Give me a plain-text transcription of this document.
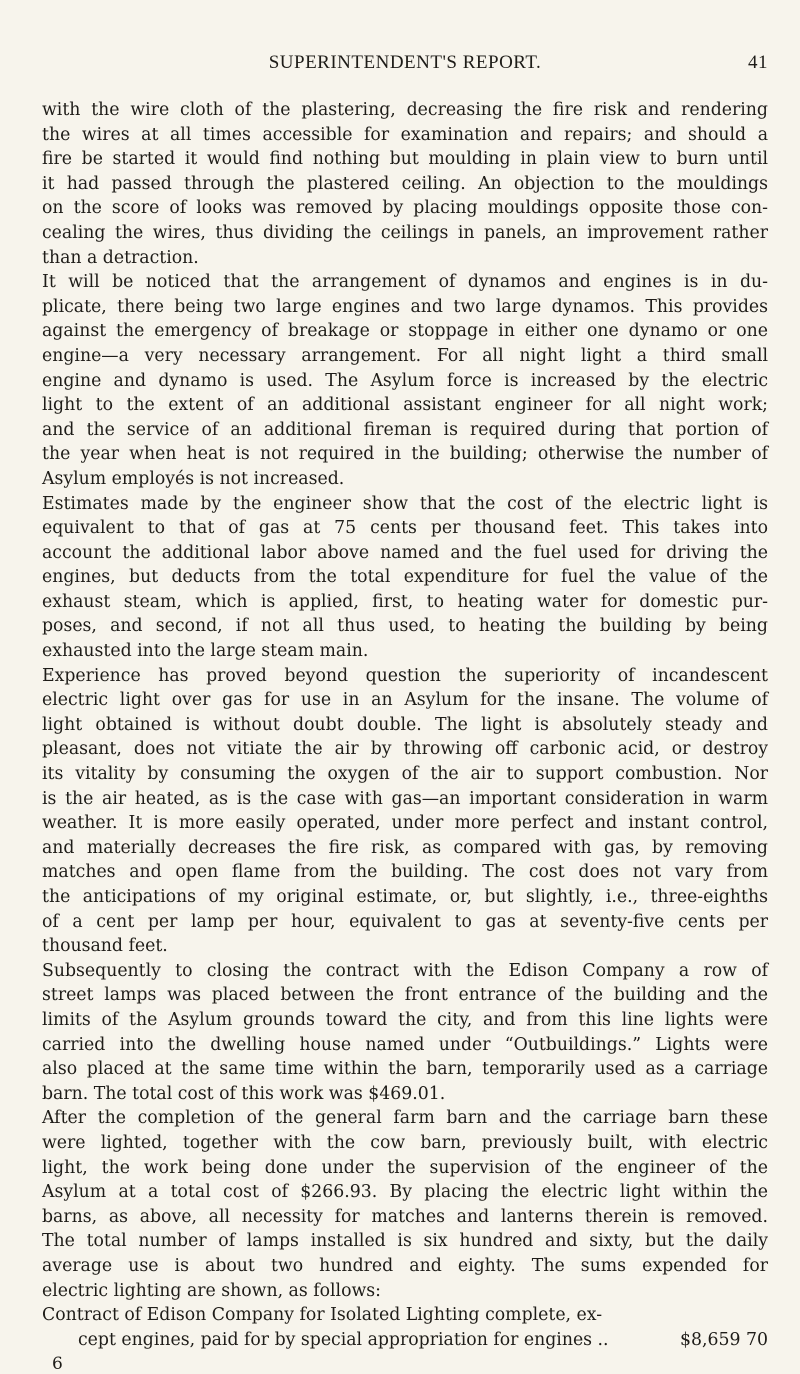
SUPERINTENDENT'S REPORT.	41

with the wire cloth of the plastering, decreasing the fire risk and rendering
the wires at all times accessible for examination and repairs; and should a
fire be started it would find nothing but moulding in plain view to burn until
it had passed through the plastered ceiling. An objection to the mouldings
on the score of looks was removed by placing mouldings opposite those con-
cealing the wires, thus dividing the ceilings in panels, an improvement rather
than a detraction.

It will be noticed that the arrangement of dynamos and engines is in du-
plicate, there being two large engines and two large dynamos. This provides
against the emergency of breakage or stoppage in either one dynamo or one
engine—a very necessary arrangement. For all night light a third small
engine and dynamo is used. The Asylum force is increased by the electric
light to the extent of an additional assistant engineer for all night work;
and the service of an additional fireman is required during that portion of
the year when heat is not required in the building; otherwise the number of
Asylum employés is not increased.

Estimates made by the engineer show that the cost of the electric light is
equivalent to that of gas at 75 cents per thousand feet. This takes into
account the additional labor above named and the fuel used for driving the
engines, but deducts from the total expenditure for fuel the value of the
exhaust steam, which is applied, first, to heating water for domestic pur-
poses, and second, if not all thus used, to heating the building by being
exhausted into the large steam main.

Experience has proved beyond question the superiority of incandescent
electric light over gas for use in an Asylum for the insane. The volume of
light obtained is without doubt double. The light is absolutely steady and
pleasant, does not vitiate the air by throwing off carbonic acid, or destroy
its vitality by consuming the oxygen of the air to support combustion. Nor
is the air heated, as is the case with gas—an important consideration in warm
weather. It is more easily operated, under more perfect and instant control,
and materially decreases the fire risk, as compared with gas, by removing
matches and open flame from the building. The cost does not vary from
the anticipations of my original estimate, or, but slightly, i.e., three-eighths
of a cent per lamp per hour, equivalent to gas at seventy-five cents per
thousand feet.

Subsequently to closing the contract with the Edison Company a row of
street lamps was placed between the front entrance of the building and the
limits of the Asylum grounds toward the city, and from this line lights were
carried into the dwelling house named under “Outbuildings.” Lights were
also placed at the same time within the barn, temporarily used as a carriage
barn. The total cost of this work was $469.01.

After the completion of the general farm barn and the carriage barn these
were lighted, together with the cow barn, previously built, with electric
light, the work being done under the supervision of the engineer of the
Asylum at a total cost of $266.93. By placing the electric light within the
barns, as above, all necessity for matches and lanterns therein is removed.
The total number of lamps installed is six hundred and sixty, but the daily
average use is about two hundred and eighty. The sums expended for
electric lighting are shown, as follows:

Contract of Edison Company for Isolated Lighting complete, ex-
cept engines, paid for by special appropriation for engines ..	$8,659 70
6
